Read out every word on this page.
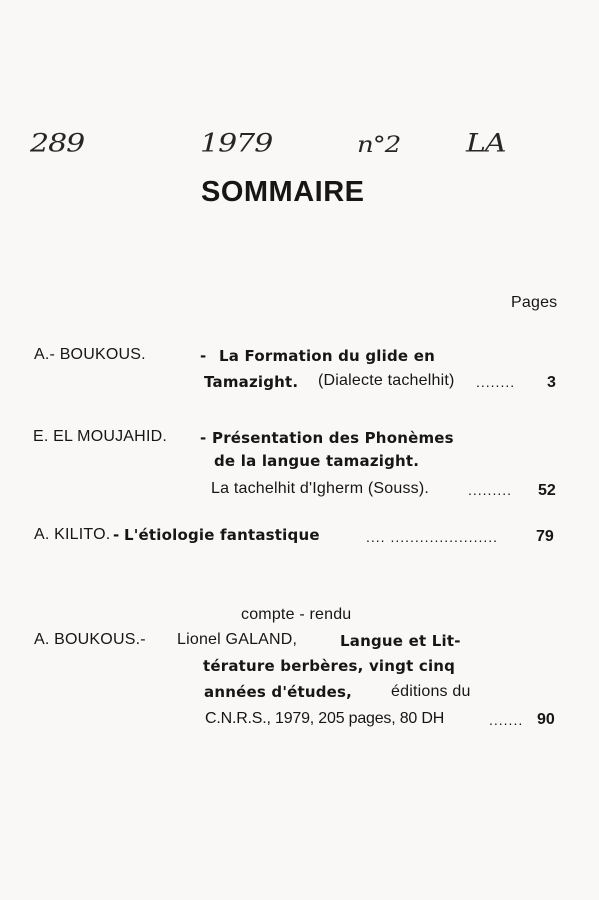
289	1979	n°2 LA
SOMMAIRE
Pages
A.- BOUKOUS.	- La Formation du glide en
Tamazight. (Dialecte tachelhit) ........ 3
E. EL MOUJAHID. - Présentation des Phonèmes
de la langue tamazight.
La tachelhit d'Igherm (Souss).	......... 52
A. KILITO. - L'étiologie fantastique	.... ...................... 79
compte - rendu
A. BOUKOUS.- Lionel GALAND,	Langue et Lit-
térature berbères, vingt cinq
années d'études, éditions du
C.N.R.S., 1979, 205 pages, 80 DH	....... 90
